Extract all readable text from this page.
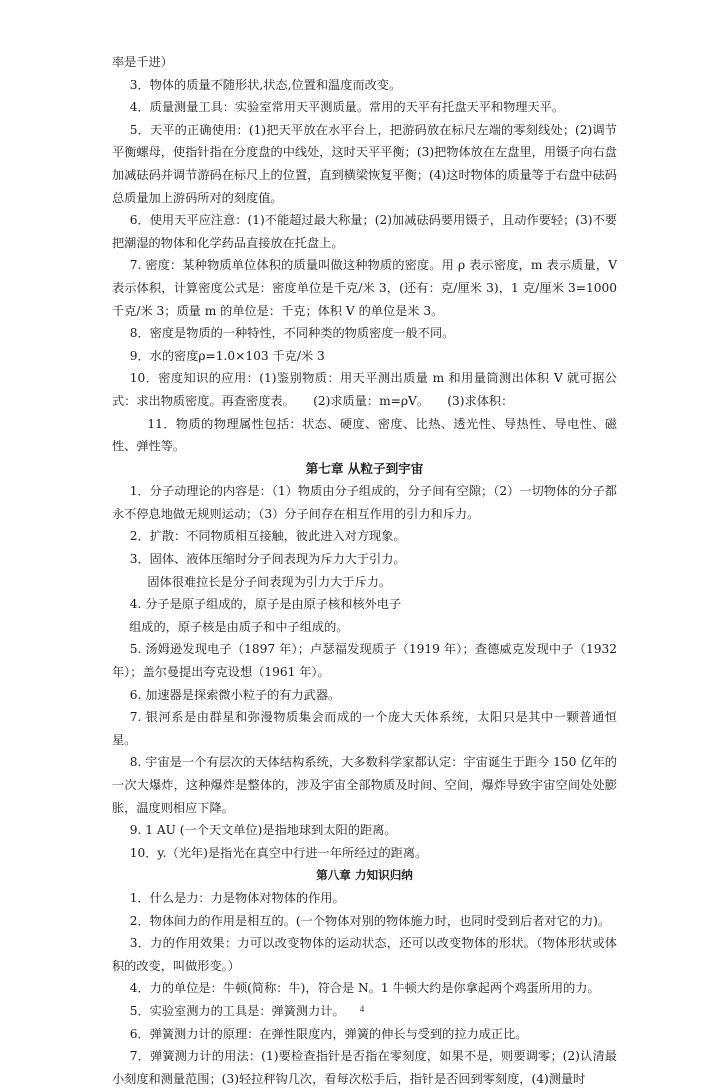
率是千进）

3．物体的质量不随形状,状态,位置和温度而改变。

4．质量测量工具：实验室常用天平测质量。常用的天平有托盘天平和物理天平。

5．天平的正确使用：(1)把天平放在水平台上，把游码放在标尺左端的零刻线处；(2)调节平衡螺母，使指针指在分度盘的中线处，这时天平平衡；(3)把物体放在左盘里，用镊子向右盘加减砝码并调节游码在标尺上的位置，直到横梁恢复平衡；(4)这时物体的质量等于右盘中砝码总质量加上游码所对的刻度值。

6．使用天平应注意：(1)不能超过最大称量；(2)加减砝码要用镊子，且动作要轻；(3)不要把潮湿的物体和化学药品直接放在托盘上。

7. 密度：某种物质单位体积的质量叫做这种物质的密度。用 ρ 表示密度，m 表示质量，V 表示体积，计算密度公式是：密度单位是千克/米 3，(还有：克/厘米 3)，1 克/厘米 3=1000 千克/米 3；质量 m 的单位是：千克；体积 V 的单位是米 3。

8．密度是物质的一种特性，不同种类的物质密度一般不同。

9．水的密度ρ=1.0×103 千克/米 3

10．密度知识的应用：(1)鉴别物质：用天平测出质量 m 和用量筒测出体积 V 就可据公式：求出物质密度。再查密度表。　　(2)求质量：m=ρV。　　(3)求体积：

11．物质的物理属性包括：状态、硬度、密度、比热、透光性、导热性、导电性、磁性、弹性等。

第七章 从粒子到宇宙

1．分子动理论的内容是：（1）物质由分子组成的，分子间有空隙；（2）一切物体的分子都永不停息地做无规则运动；（3）分子间存在相互作用的引力和斥力。

2．扩散：不同物质相互接触，彼此进入对方现象。

3．固体、液体压缩时分子间表现为斥力大于引力。

固体很难拉长是分子间表现为引力大于斥力。

4. 分子是原子组成的，原子是由原子核和核外电子

组成的，原子核是由质子和中子组成的。

5. 汤姆逊发现电子（1897 年）；卢瑟福发现质子（1919 年）；查德威克发现中子（1932 年）；盖尔曼提出夸克设想（1961 年）。

6. 加速器是探索微小粒子的有力武器。

7. 银河系是由群星和弥漫物质集会而成的一个庞大天体系统，太阳只是其中一颗普通恒星。

8. 宇宙是一个有层次的天体结构系统，大多数科学家都认定：宇宙诞生于距今 150 亿年的一次大爆炸，这种爆炸是整体的，涉及宇宙全部物质及时间、空间，爆炸导致宇宙空间处处膨胀，温度则相应下降。

9. 1 AU (一个天文单位)是指地球到太阳的距离。

10．y.（光年)是指光在真空中行进一年所经过的距离。

第八章 力知识归纳

1．什么是力：力是物体对物体的作用。

2．物体间力的作用是相互的。(一个物体对别的物体施力时，也同时受到后者对它的力)。

3．力的作用效果：力可以改变物体的运动状态，还可以改变物体的形状。（物体形状或体积的改变，叫做形变。）

4．力的单位是：牛顿(简称：牛)，符合是 N。1 牛顿大约是你拿起两个鸡蛋所用的力。

5．实验室测力的工具是：弹簧测力计。

6．弹簧测力计的原理：在弹性限度内，弹簧的伸长与受到的拉力成正比。

7．弹簧测力计的用法：(1)要检查指针是否指在零刻度，如果不是，则要调零；(2)认清最小刻度和测量范围；(3)轻拉秤钩几次，看每次松手后，指针是否回到零刻度，(4)测量时

4
